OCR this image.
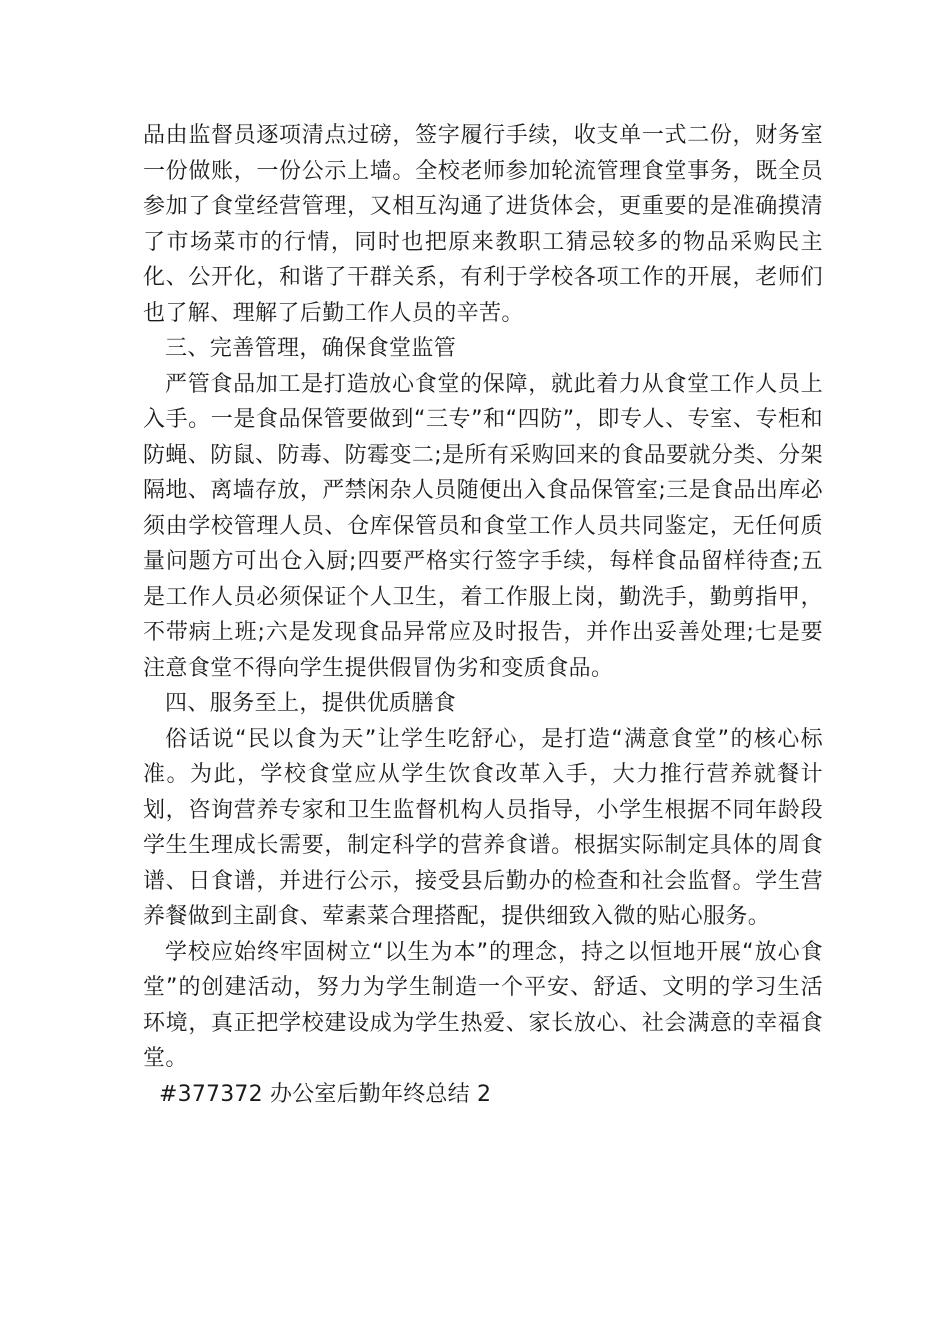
品由监督员逐项清点过磅，签字履行手续，收支单一式二份，财务室一份做账，一份公示上墙。全校老师参加轮流管理食堂事务，既全员参加了食堂经营管理，又相互沟通了进货体会，更重要的是准确摸清了市场菜市的行情，同时也把原来教职工猜忌较多的物品采购民主化、公开化，和谐了干群关系，有利于学校各项工作的开展，老师们也了解、理解了后勤工作人员的辛苦。

三、完善管理，确保食堂监管

严管食品加工是打造放心食堂的保障，就此着力从食堂工作人员上入手。一是食品保管要做到“三专”和“四防”，即专人、专室、专柜和防蝇、防鼠、防毒、防霉变二;是所有采购回来的食品要就分类、分架隔地、离墙存放，严禁闲杂人员随便出入食品保管室;三是食品出库必须由学校管理人员、仓库保管员和食堂工作人员共同鉴定，无任何质量问题方可出仓入厨;四要严格实行签字手续，每样食品留样待查;五是工作人员必须保证个人卫生，着工作服上岗，勤洗手，勤剪指甲，不带病上班;六是发现食品异常应及时报告，并作出妥善处理;七是要注意食堂不得向学生提供假冒伪劣和变质食品。

四、服务至上，提供优质膳食

俗话说“民以食为天”让学生吃舒心，是打造“满意食堂”的核心标准。为此，学校食堂应从学生饮食改革入手，大力推行营养就餐计划，咨询营养专家和卫生监督机构人员指导，小学生根据不同年龄段学生生理成长需要，制定科学的营养食谱。根据实际制定具体的周食谱、日食谱，并进行公示，接受县后勤办的检查和社会监督。学生营养餐做到主副食、荤素菜合理搭配，提供细致入微的贴心服务。

学校应始终牢固树立“以生为本”的理念，持之以恒地开展“放心食堂”的创建活动，努力为学生制造一个平安、舒适、文明的学习生活环境，真正把学校建设成为学生热爱、家长放心、社会满意的幸福食堂。

#377372 办公室后勤年终总结 2
